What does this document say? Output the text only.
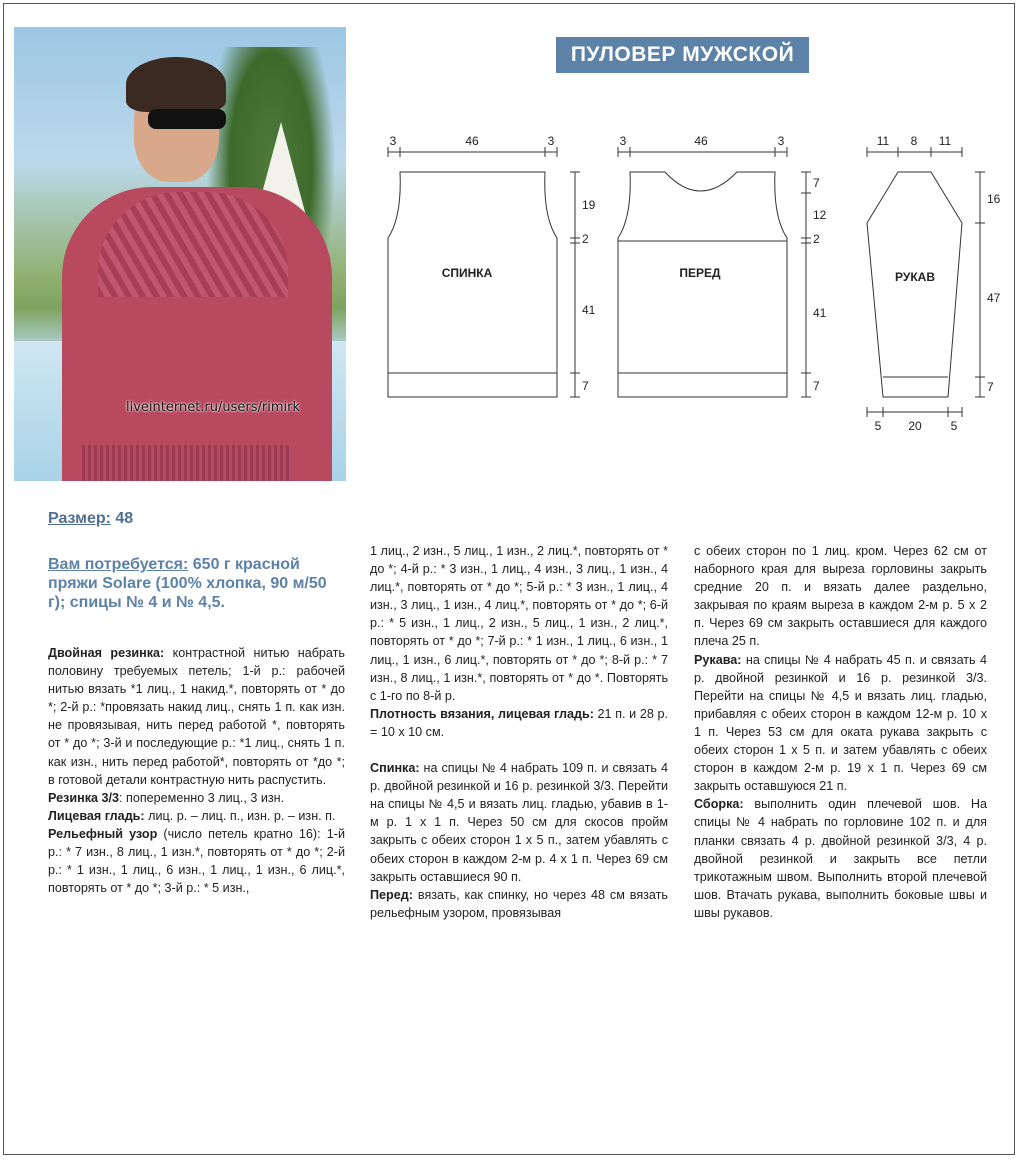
liveinternet.ru/users/rimirk
ПУЛОВЕР МУЖСКОЙ
3	46	3
СПИНКА
19
2
41
7
3	46	3
ПЕРЕД
7
12
2
41
7
11 8 11
РУКАВ
16
47
7
5 20 5
Размер: 48
Вам потребуется: 650 г красной пряжи Solare (100% хлопка, 90 м/50 г); спицы № 4 и № 4,5.

Двойная резинка: контрастной нитью набрать половину требуемых петель; 1-й р.: рабочей нитью вязать *1 лиц., 1 накид.*, повторять от * до *; 2-й р.: *провязать накид лиц., снять 1 п. как изн. не провязывая, нить перед работой *, повторять от * до *; 3-й и последующие р.: *1 лиц., снять 1 п. как изн., нить перед работой*, повторять от *до *; в готовой детали контрастную нить распустить.

Резинка 3/3: попеременно 3 лиц., 3 изн.

Лицевая гладь: лиц. р. – лиц. п., изн. р. – изн. п.

Рельефный узор (число петель кратно 16): 1-й р.: * 7 изн., 8 лиц., 1 изн.*, повторять от * до *; 2-й р.: * 1 изн., 1 лиц., 6 изн., 1 лиц., 1 изн., 6 лиц.*, повторять от * до *; 3-й р.: * 5 изн.,

1 лиц., 2 изн., 5 лиц., 1 изн., 2 лиц.*, повторять от * до *; 4-й р.: * 3 изн., 1 лиц., 4 изн., 3 лиц., 1 изн., 4 лиц.*, повторять от * до *; 5-й р.: * 3 изн., 1 лиц., 4 изн., 3 лиц., 1 изн., 4 лиц.*, повторять от * до *; 6-й р.: * 5 изн., 1 лиц., 2 изн., 5 лиц., 1 изн., 2 лиц.*, повторять от * до *; 7-й р.: * 1 изн., 1 лиц., 6 изн., 1 лиц., 1 изн., 6 лиц.*, повторять от * до *; 8-й р.: * 7 изн., 8 лиц., 1 изн.*, повторять от * до *. Повторять с 1-го по 8-й р.

Плотность вязания, лицевая гладь: 21 п. и 28 р. = 10 х 10 см.

Спинка: на спицы № 4 набрать 109 п. и связать 4 р. двойной резинкой и 16 р. резинкой 3/3. Перейти на спицы № 4,5 и вязать лиц. гладью, убавив в 1-м р. 1 х 1 п. Через 50 см для скосов пройм закрыть с обеих сторон 1 х 5 п., затем убавлять с обеих сторон в каждом 2-м р. 4 х 1 п. Через 69 см закрыть оставшиеся 90 п.

Перед: вязать, как спинку, но через 48 см вязать рельефным узором, провязывая

с обеих сторон по 1 лиц. кром. Через 62 см от наборного края для выреза горловины закрыть средние 20 п. и вязать далее раздельно, закрывая по краям выреза в каждом 2-м р. 5 х 2 п. Через 69 см закрыть оставшиеся для каждого плеча 25 п.

Рукава: на спицы № 4 набрать 45 п. и связать 4 р. двойной резинкой и 16 р. резинкой 3/3. Перейти на спицы № 4,5 и вязать лиц. гладью, прибавляя с обеих сторон в каждом 12-м р. 10 х 1 п. Через 53 см для оката рукава закрыть с обеих сторон 1 х 5 п. и затем убавлять с обеих сторон в каждом 2-м р. 19 х 1 п. Через 69 см закрыть оставшуюся 21 п.

Сборка: выполнить один плечевой шов. На спицы № 4 набрать по горловине 102 п. и для планки связать 4 р. двойной резинкой 3/3, 4 р. двойной резинкой и закрыть все петли трикотажным швом. Выполнить второй плечевой шов. Втачать рукава, выполнить боковые швы и швы рукавов.
